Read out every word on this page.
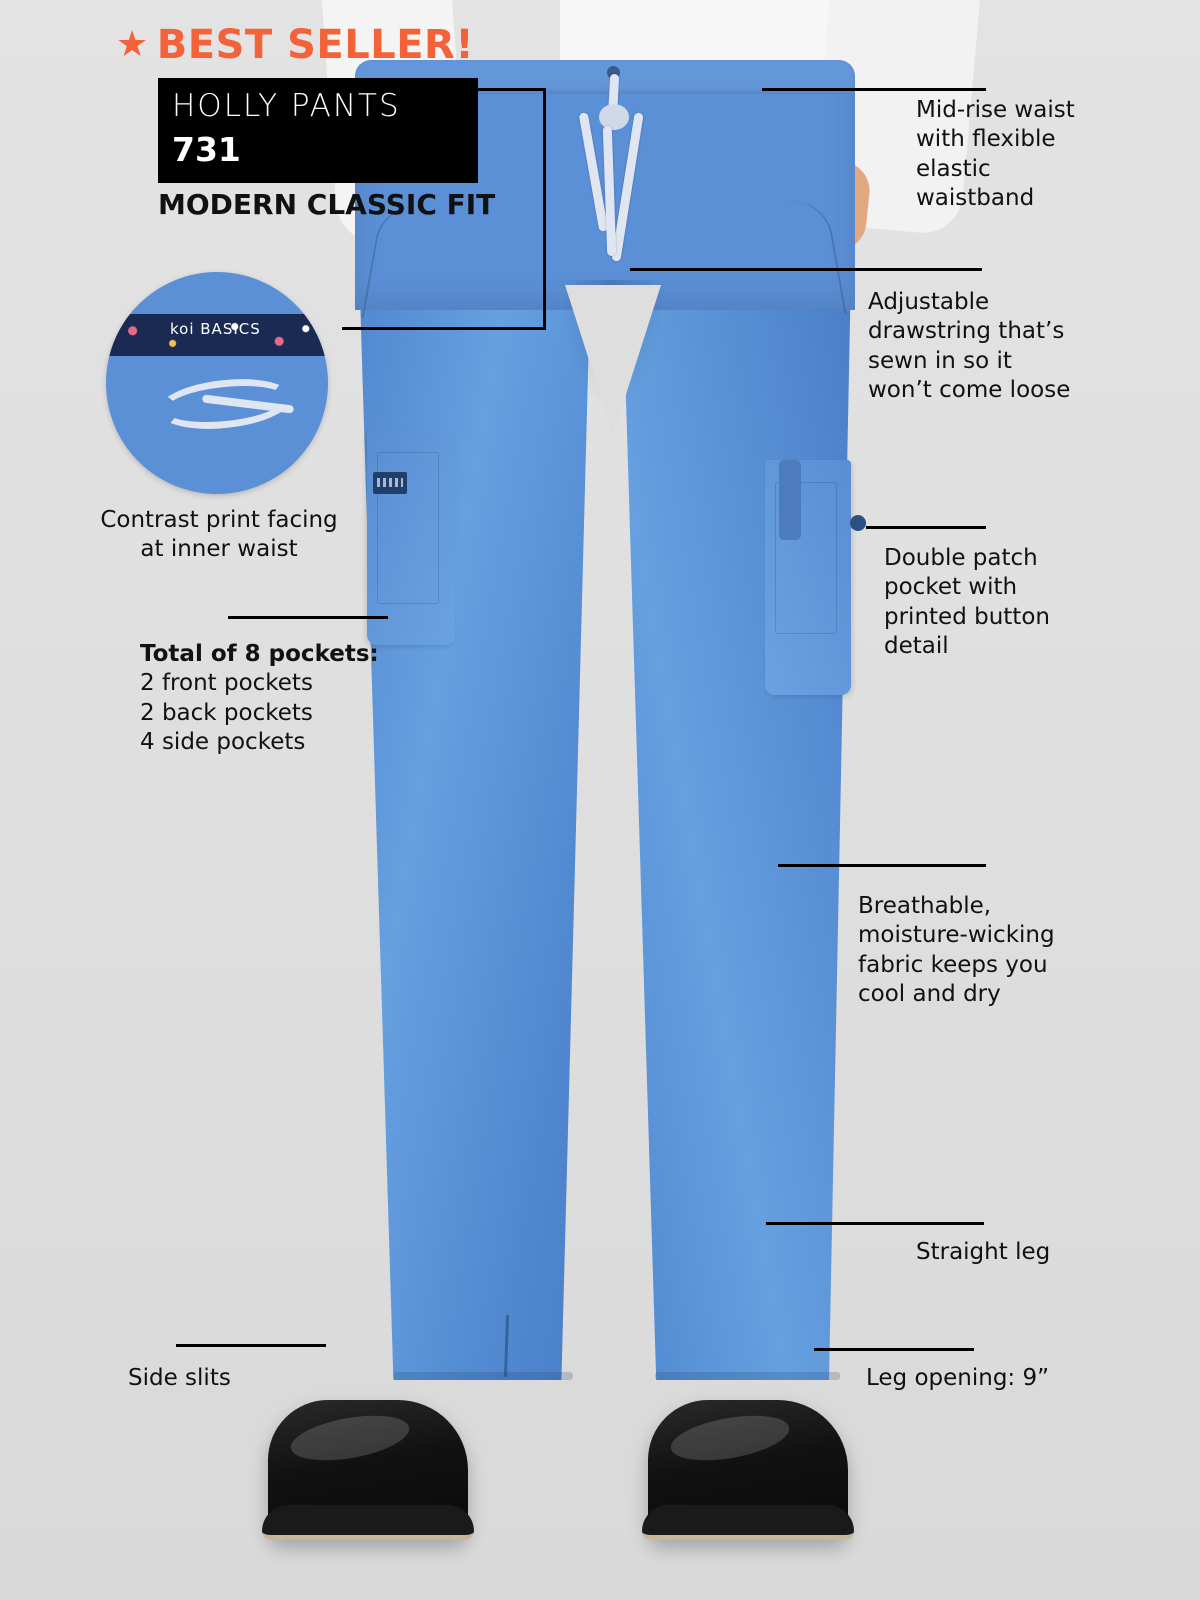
★ BEST SELLER!
HOLLY PANTS
731
MODERN CLASSIC FIT
koi BASICS
Contrast print facing at inner waist
Total of 8 pockets:
2 front pockets
2 back pockets
4 side pockets
Mid-rise waist with flexible elastic waistband
Adjustable drawstring that’s sewn in so it won’t come loose
Double patch pocket with printed button detail
Breathable, moisture-wicking fabric keeps you cool and dry
Straight leg
Leg opening: 9”
Side slits
